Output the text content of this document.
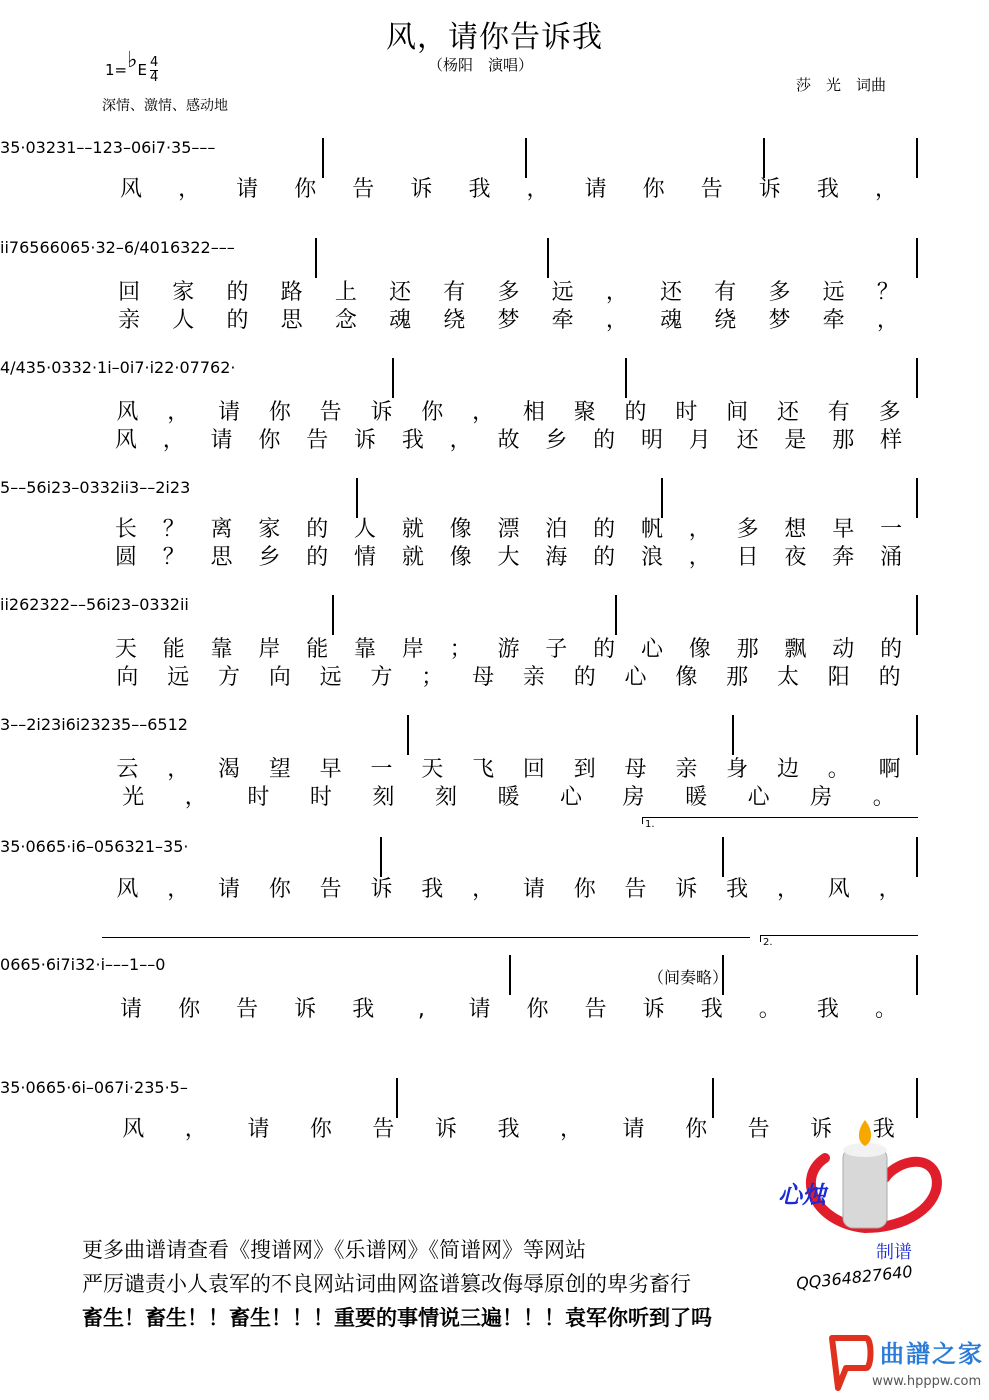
风，请你告诉我
（杨阳　演唱）
莎　光　词曲
1=♭E $\frac{4}{4}$
深情、激情、感动地
35·03231––123–06i7·35–––
风 ， 请 你 告 诉 我 ， 请 你 告 诉 我 ，
ii76566065·32–6/4016322–––
回 家 的 路 上 还 有 多 远 ， 还 有 多 远 ？
亲 人 的 思 念 魂 绕 梦 牵 ， 魂 绕 梦 牵 ，
4/435·0332·1i–0i7·i22·07762·
风 ， 请 你 告 诉 你 ， 相 聚 的 时 间 还 有 多
风 ， 请 你 告 诉 我 ， 故 乡 的 明 月 还 是 那 样
5––56i23–0332ii3––2i23
长 ？ 离 家 的 人 就 像 漂 泊 的 帆 ， 多 想 早 一
圆 ？ 思 乡 的 情 就 像 大 海 的 浪 ， 日 夜 奔 涌
ii262322––56i23–0332ii
天 能 靠 岸 能 靠 岸 ； 游 子 的 心 像 那 飘 动 的
向 远 方 向 远 方 ； 母 亲 的 心 像 那 太 阳 的
3––2i23i6i23235––6512
云 ， 渴 望 早 一 天 飞 回 到 母 亲 身 边 。 啊
光 ， 时 时 刻 刻 暖 心 房 暖 心 房 。
35·0665·i6–056321–35·
风 ， 请 你 告 诉 我 ， 请 你 告 诉 我 ， 风 ，
0665·6i7i32·i–––1––0
请 你 告 诉 我 , 请 你 告 诉 我 。 我 。
35·0665·6i–067i·235·5–
风 ， 请 你 告 诉 我 ， 请 你 告 诉 我
（间奏略）
1.
2.
心烛
制谱
QQ364827640
更多曲谱请查看《搜谱网》《乐谱网》《简谱网》等网站
严厉谴责小人袁军的不良网站词曲网盗谱篡改侮辱原创的卑劣畜行
畜生！畜生！！畜生！！！重要的事情说三遍！！！袁军你听到了吗
曲譜之家
www.hpppw.com
